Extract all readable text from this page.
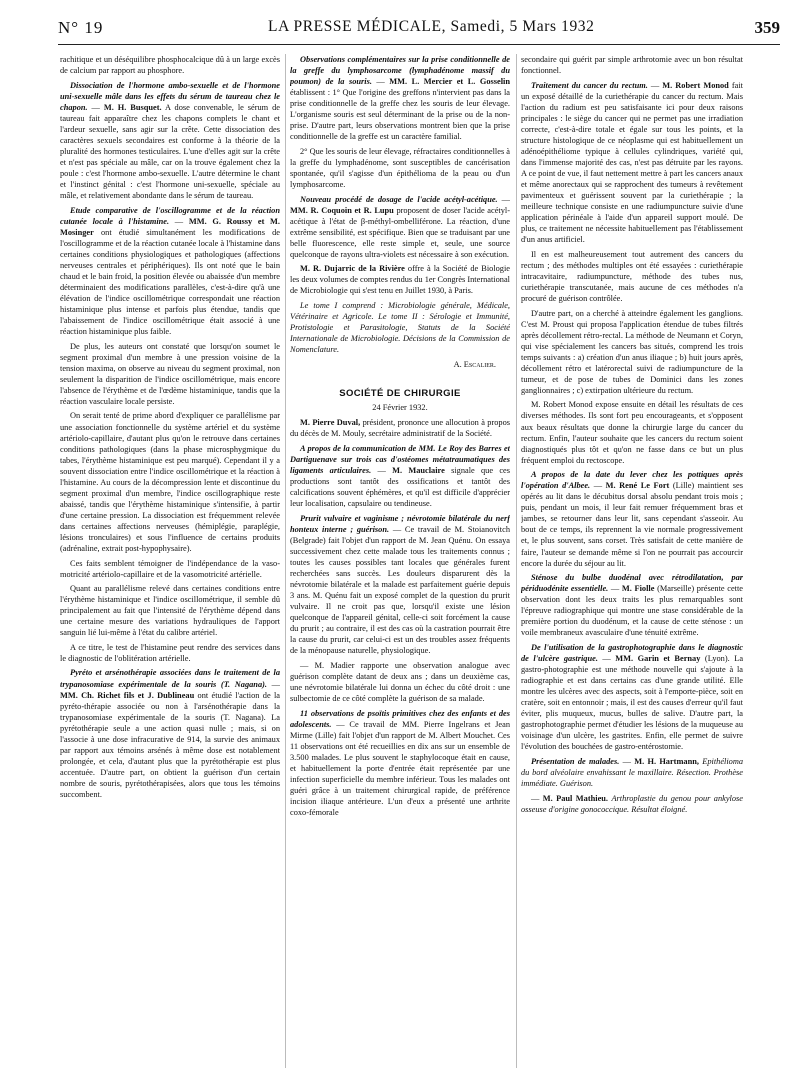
N° 19	LA PRESSE MÉDICALE, Samedi, 5 Mars 1932	359

rachitique et un déséquilibre phosphocalcique dû à un large excès de calcium par rapport au phosphore.

Dissociation de l'hormone ambo-sexuelle et de l'hormone uni-sexuelle mâle dans les effets du sérum de taureau chez le chapon. — M. H. Busquet. A dose convenable, le sérum de taureau fait apparaître chez les chapons complets le chant et l'ardeur sexuelle, sans agir sur la crête. Cette dissociation des caractères sexuels secondaires est conforme à la théorie de la pluralité des hormones testiculaires. L'une d'elles agit sur la crête et n'est pas spéciale au mâle, car on la trouve également chez la poule : c'est l'hormone ambo-sexuelle. L'autre détermine le chant et l'instinct génital : c'est l'hormone uni-sexuelle, spéciale au mâle, et relativement abondante dans le sérum de taureau.

Etude comparative de l'oscillogramme et de la réaction cutanée locale à l'histamine. — MM. G. Roussy et M. Mosinger ont étudié simultanément les modifications de l'oscillogramme et de la réaction cutanée locale à l'histamine dans certaines conditions physiologiques et pathologiques (affections nerveuses centrales et périphériques). Ils ont noté que le bain chaud et le bain froid, la position élevée ou abaissée d'un membre déterminaient des modifications parallèles, c'est-à-dire qu'à une élévation de l'indice oscillométrique correspondait une réaction histaminique plus intense et parfois plus étendue, tandis que l'abaissement de l'indice oscillométrique était associé à une réaction histaminique plus faible.

De plus, les auteurs ont constaté que lorsqu'on soumet le segment proximal d'un membre à une pression voisine de la tension maxima, on observe au niveau du segment proximal, non seulement la disparition de l'indice oscillométrique, mais encore l'absence de l'érythème et de l'œdème histaminique, tandis que la réaction vasculaire locale persiste.

On serait tenté de prime abord d'expliquer ce parallélisme par une association fonctionnelle du système artériel et du système artériolo-capillaire, d'autant plus qu'on le retrouve dans certaines conditions pathologiques (dans la phase microsphygmique du tabes, l'érythème histaminique est peu marqué). Cependant il y a souvent dissociation entre l'indice oscillométrique et la réaction à l'histamine. Au cours de la décompression lente et discontinue du segment proximal d'un membre, l'indice oscillographique reste abaissé, tandis que l'érythème histaminique s'intensifie, à partir d'une certaine pression. La dissociation est fréquemment relevée dans certaines affections nerveuses (hémiplégie, paraplégie, lésions tronculaires) et sous l'influence de certains produits (adrénaline, extrait post-hypophysaire).

Ces faits semblent témoigner de l'indépendance de la vaso-motricité artériolo-capillaire et de la vasomotricité artérielle.

Quant au parallélisme relevé dans certaines conditions entre l'érythème histaminique et l'indice oscillométrique, il semble dû principalement au fait que l'intensité de l'érythème dépend dans une certaine mesure des variations hydrauliques de l'apport sanguin lié lui-même à l'état du calibre artériel.

A ce titre, le test de l'histamine peut rendre des services dans le diagnostic de l'oblitération artérielle.

Pyréto et arsénothérapie associées dans le traitement de la trypanosomiase expérimentale de la souris (T. Nagana). — MM. Ch. Richet fils et J. Dublineau ont étudié l'action de la pyréto-thérapie associée ou non à l'arsénothérapie dans la trypanosomiase expérimentale de la souris (T. Nagana). La pyrétothérapie seule a une action quasi nulle ; mais, si on l'associe à une dose infracurative de 914, la survie des animaux par rapport aux témoins arsénés à même dose est notablement prolongée, et cela, d'autant plus que la pyrétothérapie est plus accentuée. D'autre part, on obtient la guérison d'un certain nombre de souris, pyrétothérapisées, alors que tous les témoins succombent.

Observations complémentaires sur la prise conditionnelle de la greffe du lymphosarcome (lymphadénome massif du poumon) de la souris. — MM. L. Mercier et L. Gosselin établissent : 1° Que l'origine des greffons n'intervient pas dans la prise conditionnelle de la greffe chez les souris de leur élevage. L'organisme souris est seul déterminant de la prise ou de la non-prise. D'autre part, leurs observations montrent bien que la prise conditionnelle de la greffe est un caractère familial.

2° Que les souris de leur élevage, réfractaires conditionnelles à la greffe du lymphadénome, sont susceptibles de cancérisation spontanée, qu'il s'agisse d'un épithélioma de la peau ou d'un lymphosarcome.

Nouveau procédé de dosage de l'acide acétyl-acétique. — MM. R. Coquoin et R. Lupu proposent de doser l'acide acétyl-acétique à l'état de β-méthyl-ombelliférone. La réaction, d'une extrême sensibilité, est spécifique. Bien que se traduisant par une belle fluorescence, elle reste simple et, seule, une source quelconque de rayons ultra-violets est nécessaire à son exécution.

M. R. Dujarric de la Rivière offre à la Société de Biologie les deux volumes de comptes rendus du 1er Congrès International de Microbiologie qui s'est tenu en Juillet 1930, à Paris.

Le tome I comprend : Microbiologie générale, Médicale, Vétérinaire et Agricole. Le tome II : Sérologie et Immunité, Protistologie et Parasitologie, Statuts de la Société Internationale de Microbiologie. Décisions de la Commission de Nomenclature.

A. Escalier.
SOCIÉTÉ DE CHIRURGIE
24 Février 1932.

M. Pierre Duval, président, prononce une allocution à propos du décès de M. Mouly, secrétaire administratif de la Société.

A propos de la communication de MM. Le Roy des Barres et Dartiguenave sur trois cas d'ostéomes métatraumatiques des ligaments articulaires. — M. Mauclaire signale que ces productions sont tantôt des ossifications et tantôt des calcifications souvent éphémères, et qu'il est difficile d'apprécier leur localisation, capsulaire ou tendineuse.

Prurit vulvaire et vaginisme ; névrotomie bilatérale du nerf honteux interne ; guérison. — Ce travail de M. Stoianovitch (Belgrade) fait l'objet d'un rapport de M. Jean Quénu. On essaya successivement chez cette malade tous les traitements connus ; toutes les causes possibles tant locales que générales furent recherchées sans succès. Les douleurs disparurent dès la névrotomie bilatérale et la malade est parfaitement guérie depuis 3 ans. M. Quénu fait un exposé complet de la question du prurit vulvaire. Il ne croit pas que, lorsqu'il existe une lésion quelconque de l'appareil génital, celle-ci soit forcément la cause du prurit ; au contraire, il est des cas où la castration pourrait être la cause du prurit, car celui-ci est un des troubles assez fréquents de la ménopause naturelle, physiologique.

— M. Madier rapporte une observation analogue avec guérison complète datant de deux ans ; dans un deuxième cas, une névrotomie bilatérale lui donna un échec du côté droit : une sulbectomie de ce côté complète la guérison de sa malade.

11 observations de psoïtis primitives chez des enfants et des adolescents. — Ce travail de MM. Pierre Ingelrans et Jean Mirme (Lille) fait l'objet d'un rapport de M. Albert Mouchet. Ces 11 observations ont été recueillies en dix ans sur un ensemble de 3.500 malades. Le plus souvent le staphylocoque était en cause, et habituellement la porte d'entrée était représentée par une infection superficielle du membre inférieur. Tous les malades ont guéri grâce à un traitement chirurgical rapide, de préférence incision iliaque antérieure. L'un d'eux a présenté une arthrite coxo-fémorale

secondaire qui guérit par simple arthrotomie avec un bon résultat fonctionnel.

Traitement du cancer du rectum. — M. Robert Monod fait un exposé détaillé de la curiethérapie du cancer du rectum. Mais l'action du radium est peu satisfaisante ici pour deux raisons principales : le siège du cancer qui ne permet pas une irradiation correcte, c'est-à-dire totale et égale sur tous les points, et la structure histologique de ce néoplasme qui est habituellement un adénoépithéliome typique à cellules cylindriques, variété qui, dans l'immense majorité des cas, n'est pas détruite par les rayons. A ce point de vue, il faut nettement mettre à part les cancers anaux et même anorectaux qui se rapprochent des tumeurs à revêtement pavimenteux et guérissent souvent par la curiethérapie ; la meilleure technique consiste en une radiumpuncture suivie d'une application périnéale à l'aide d'un appareil support moulé. De plus, ce traitement ne nécessite habituellement pas l'établissement d'un anus artificiel.

Il en est malheureusement tout autrement des cancers du rectum ; des méthodes multiples ont été essayées : curiethérapie intracavitaire, radiumpuncture, méthode des tubes nus, curiethérapie transcutanée, mais aucune de ces méthodes n'a procuré de guérison contrôlée.

D'autre part, on a cherché à atteindre également les ganglions. C'est M. Proust qui proposa l'application étendue de tubes filtrés après décollement rétro-rectal. La méthode de Neumann et Coryn, qui vise spécialement les cancers bas situés, comprend les trois temps suivants : a) création d'un anus iliaque ; b) huit jours après, décollement rétro et latérorectal suivi de radiumpuncture de la tumeur, et de pose de tubes de Dominici dans les zones ganglionnaires ; c) extirpation ultérieure du rectum.

M. Robert Monod expose ensuite en détail les résultats de ces diverses méthodes. Ils sont fort peu encourageants, et s'opposent aux beaux résultats que donne la chirurgie large du cancer du rectum. Enfin, l'auteur souhaite que les cancers du rectum soient diagnostiqués plus tôt et qu'on ne fasse dans ce but un plus fréquent emploi du rectoscope.

A propos de la date du lever chez les pottiques après l'opération d'Albee. — M. René Le Fort (Lille) maintient ses opérés au lit dans le décubitus dorsal absolu pendant trois mois ; puis, pendant un mois, il leur fait remuer fréquemment bras et jambes, se retourner dans leur lit, sans cependant s'asseoir. Au bout de ce temps, ils reprennent la vie normale progressivement et, le plus souvent, sans corset. Très satisfait de cette manière de faire, l'auteur se demande même si l'on ne pourrait pas accourcir encore la durée du séjour au lit.

Sténose du bulbe duodénal avec rétrodilatation, par périduodénite essentielle. — M. Fiolle (Marseille) présente cette observation dont les deux traits les plus remarquables sont l'épreuve radiographique qui montre une stase considérable de la première portion du duodénum, et la cause de cette sténose : un voile membraneux avasculaire d'une ténuité extrême.

De l'utilisation de la gastrophotographie dans le diagnostic de l'ulcère gastrique. — MM. Garin et Bernay (Lyon). La gastro-photographie est une méthode nouvelle qui s'ajoute à la radiographie et est dans certains cas d'une grande utilité. Elle montre les ulcères avec des aspects, soit à l'emporte-pièce, soit en cratère, soit en entonnoir ; mais, il est des causes d'erreur qu'il faut éviter, plis muqueux, mucus, bulles de salive. D'autre part, la gastrophotographie permet d'étudier les lésions de la muqueuse au voisinage d'un ulcère, les gastrites. Enfin, elle permet de suivre l'évolution des bouchées de gastro-entérostomie.

Présentation de malades. — M. H. Hartmann, Epithélioma du bord alvéolaire envahissant le maxillaire. Résection. Prothèse immédiate. Guérison.

— M. Paul Mathieu. Arthroplastie du genou pour ankylose osseuse d'origine gonococcique. Résultat éloigné.
